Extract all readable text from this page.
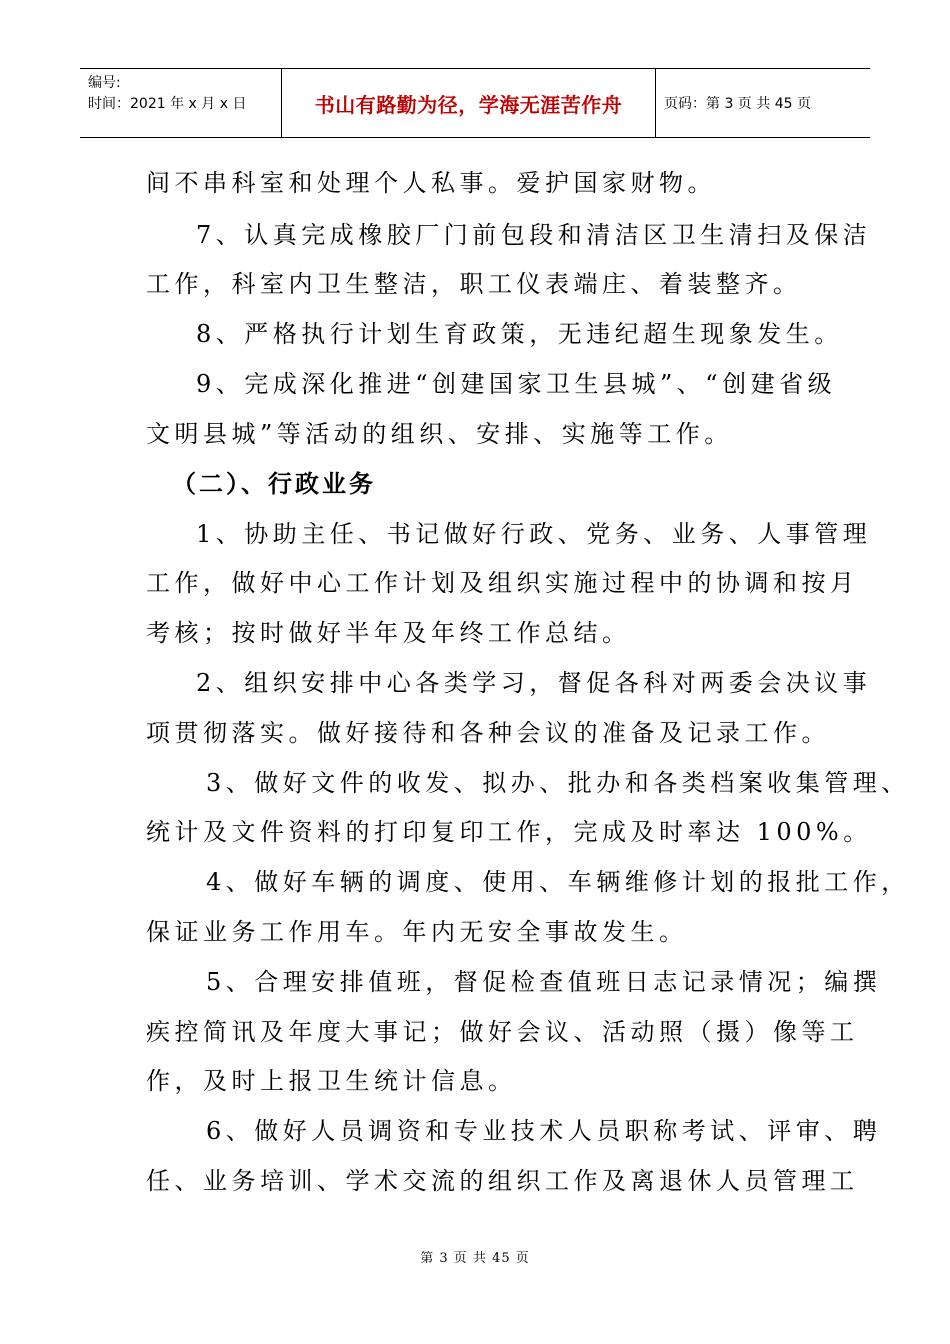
编号:
时间：2021 年 x 月 x 日	书山有路勤为径，学海无涯苦作舟	页码：第 3 页 共 45 页
间不串科室和处理个人私事。爱护国家财物。
7、认真完成橡胶厂门前包段和清洁区卫生清扫及保洁
工作，科室内卫生整洁，职工仪表端庄、着装整齐。
8、严格执行计划生育政策，无违纪超生现象发生。
9、完成深化推进“创建国家卫生县城”、“创建省级
文明县城”等活动的组织、安排、实施等工作。
（二）、行政业务
1、协助主任、书记做好行政、党务、业务、人事管理
工作，做好中心工作计划及组织实施过程中的协调和按月
考核；按时做好半年及年终工作总结。
2、组织安排中心各类学习，督促各科对两委会决议事
项贯彻落实。做好接待和各种会议的准备及记录工作。
3、做好文件的收发、拟办、批办和各类档案收集管理、
统计及文件资料的打印复印工作，完成及时率达 100%。
4、做好车辆的调度、使用、车辆维修计划的报批工作，
保证业务工作用车。年内无安全事故发生。
5、合理安排值班，督促检查值班日志记录情况；编撰
疾控简讯及年度大事记；做好会议、活动照（摄）像等工
作，及时上报卫生统计信息。
6、做好人员调资和专业技术人员职称考试、评审、聘
任、业务培训、学术交流的组织工作及离退休人员管理工
第 3 页 共 45 页
